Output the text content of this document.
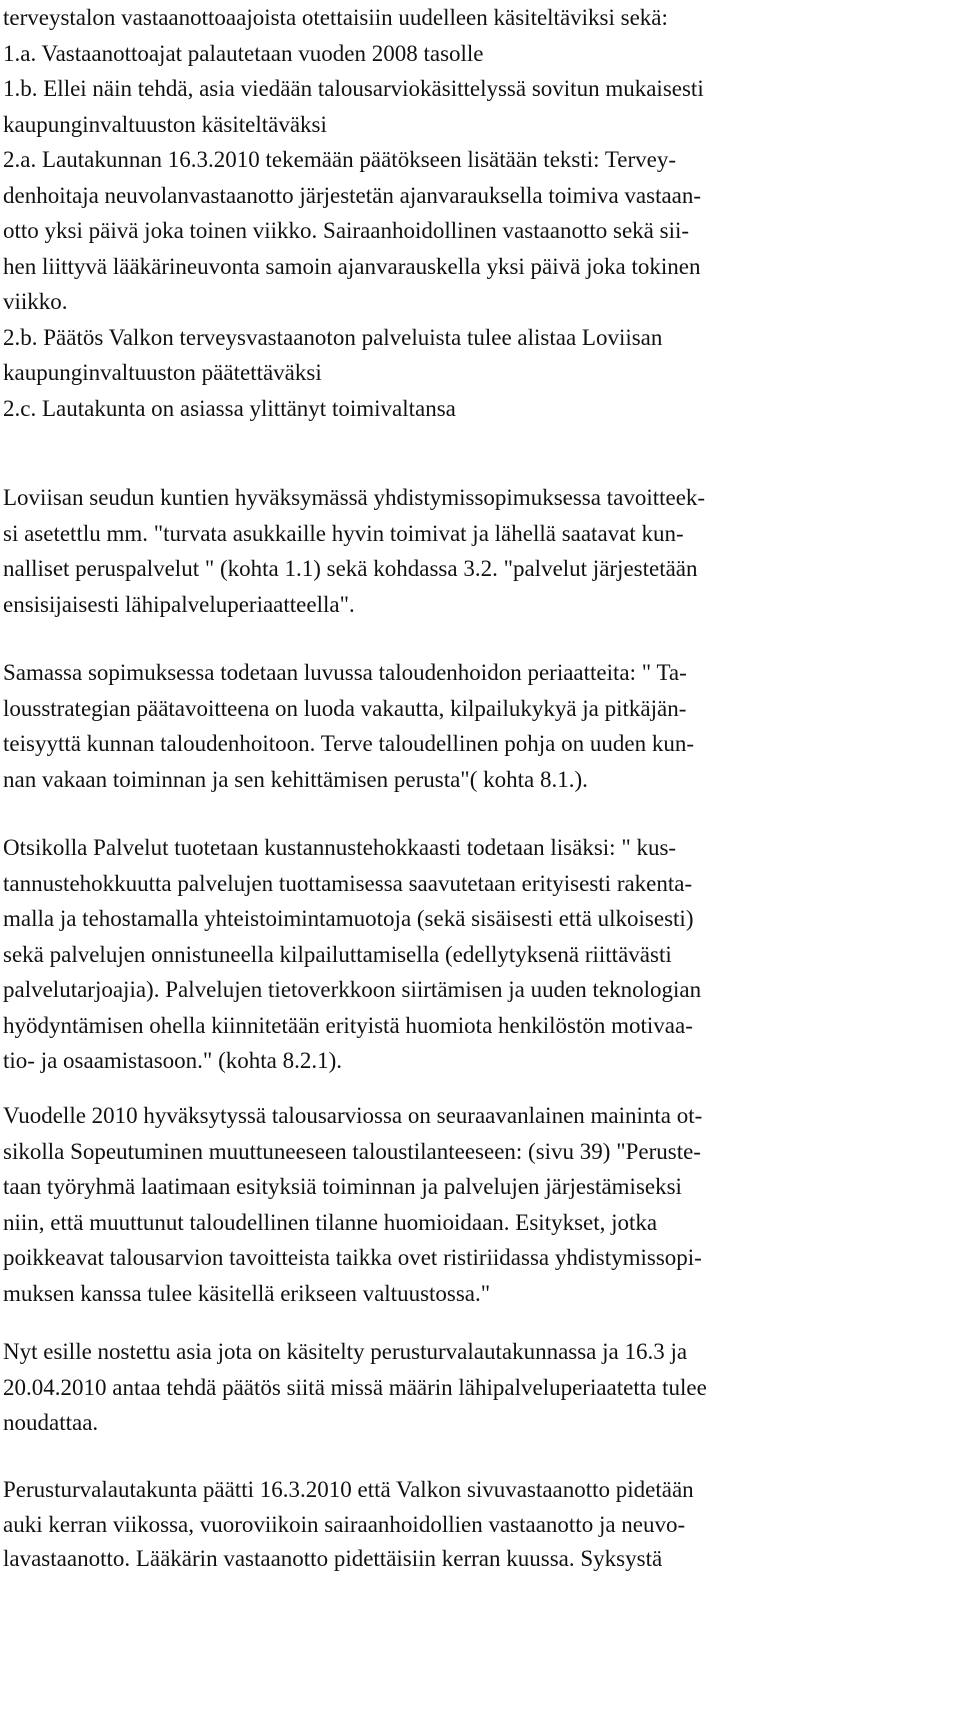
terveystalon vastaanottoaajoista otettaisiin uudelleen käsiteltäviksi sekä:
1.a. Vastaanottoajat palautetaan vuoden 2008 tasolle
1.b. Ellei näin tehdä, asia viedään talousarviokäsittelyssä sovitun mukaisesti
kaupunginvaltuuston käsiteltäväksi
2.a. Lautakunnan 16.3.2010 tekemään päätökseen lisätään teksti: Tervey-
denhoitaja neuvolanvastaanotto järjestetän ajanvarauksella toimiva vastaan-
otto yksi päivä joka toinen viikko. Sairaanhoidollinen vastaanotto sekä sii-
hen liittyvä lääkärineuvonta samoin ajanvarauskella yksi päivä joka tokinen
viikko.
2.b. Päätös Valkon terveysvastaanoton palveluista tulee alistaa Loviisan
kaupunginvaltuuston päätettäväksi
2.c. Lautakunta on asiassa ylittänyt toimivaltansa
Loviisan seudun kuntien hyväksymässä yhdistymissopimuksessa tavoitteek-
si asetettlu mm. "turvata asukkaille hyvin toimivat ja lähellä saatavat kun-
nalliset peruspalvelut " (kohta 1.1) sekä kohdassa 3.2. "palvelut järjestetään
ensisijaisesti lähipalveluperiaatteella".
Samassa sopimuksessa todetaan luvussa taloudenhoidon periaatteita: " Ta-
lousstrategian päätavoitteena on luoda vakautta, kilpailukykyä ja pitkäjän-
teisyyttä kunnan taloudenhoitoon. Terve taloudellinen pohja on uuden kun-
nan vakaan toiminnan ja sen kehittämisen perusta"( kohta 8.1.).
Otsikolla Palvelut tuotetaan kustannustehokkaasti todetaan lisäksi: " kus-
tannustehokkuutta palvelujen tuottamisessa saavutetaan erityisesti rakenta-
malla ja tehostamalla yhteistoimintamuotoja (sekä sisäisesti että ulkoisesti)
sekä palvelujen onnistuneella kilpailuttamisella (edellytyksenä riittävästi
palvelutarjoajia). Palvelujen tietoverkkoon siirtämisen ja uuden teknologian
hyödyntämisen ohella kiinnitetään erityistä huomiota henkilöstön motivaa-
tio- ja osaamistasoon." (kohta 8.2.1).
Vuodelle 2010 hyväksytyssä talousarviossa on seuraavanlainen maininta ot-
sikolla Sopeutuminen muuttuneeseen taloustilanteeseen: (sivu 39) "Peruste-
taan työryhmä laatimaan esityksiä toiminnan ja palvelujen järjestämiseksi
niin, että muuttunut taloudellinen tilanne huomioidaan. Esitykset, jotka
poikkeavat talousarvion tavoitteista taikka ovet ristiriidassa yhdistymissopi-
muksen kanssa tulee käsitellä erikseen valtuustossa."
Nyt esille nostettu asia jota on käsitelty perusturvalautakunnassa ja 16.3 ja
20.04.2010 antaa tehdä päätös siitä missä määrin lähipalveluperiaatetta tulee
noudattaa.
Perusturvalautakunta päätti 16.3.2010 että Valkon sivuvastaanotto pidetään
auki kerran viikossa, vuoroviikoin sairaanhoidollien vastaanotto ja neuvo-
lavastaanotto. Lääkärin vastaanotto pidettäisiin kerran kuussa. Syksystä
